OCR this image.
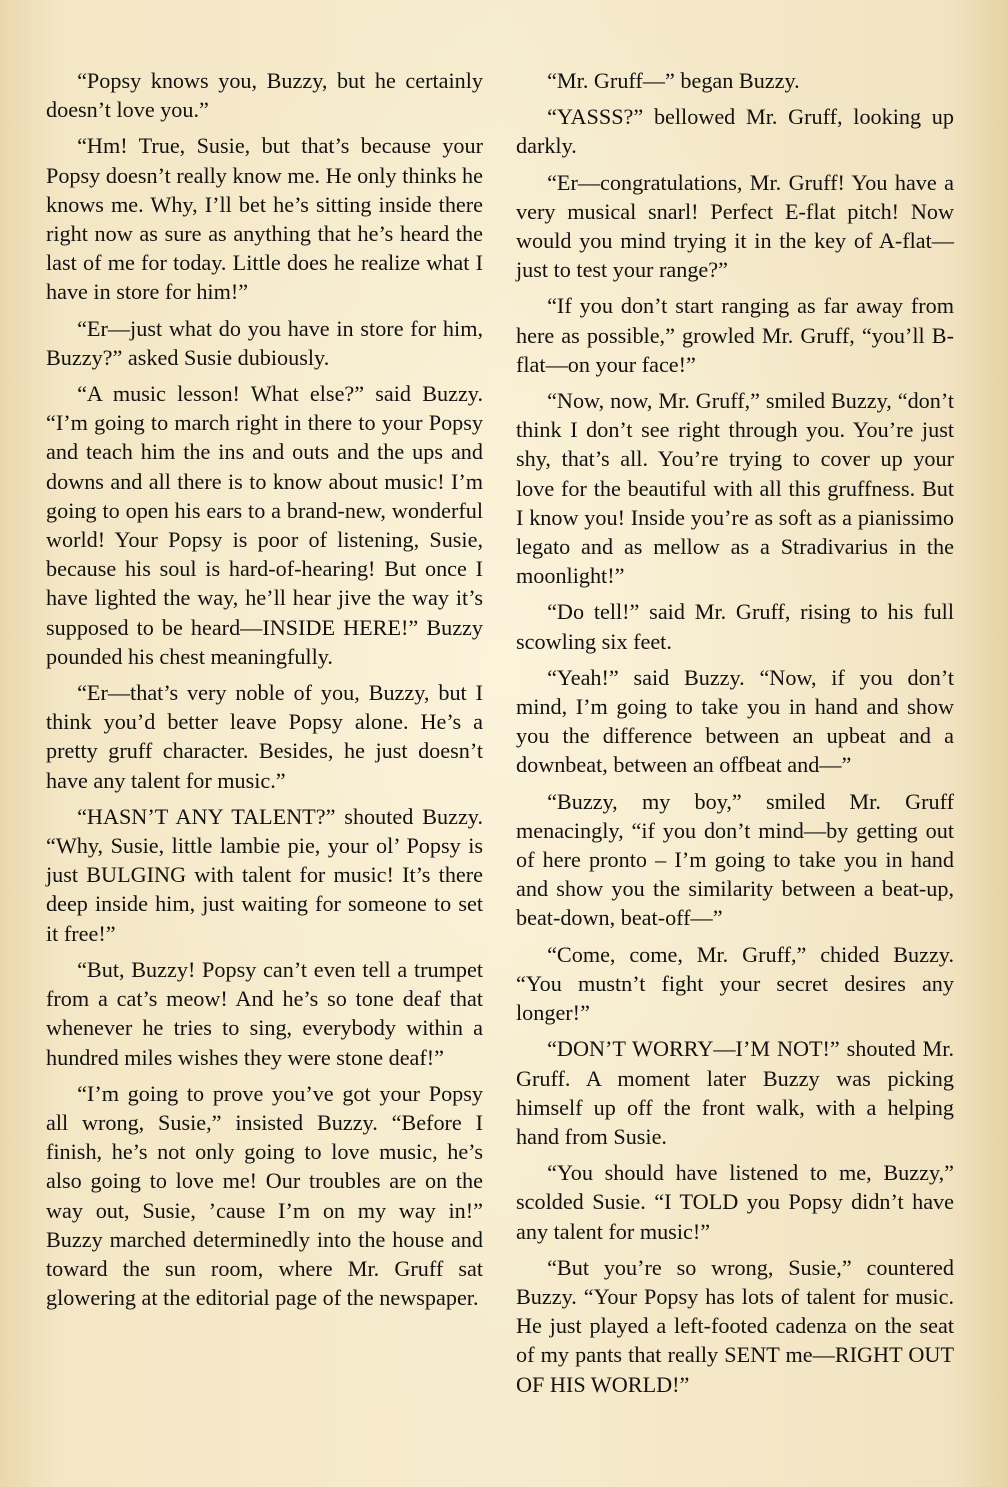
“Popsy knows you, Buzzy, but he certainly doesn’t love you.”

“Hm! True, Susie, but that’s because your Popsy doesn’t really know me. He only thinks he knows me. Why, I’ll bet he’s sitting inside there right now as sure as anything that he’s heard the last of me for today. Little does he realize what I have in store for him!”

“Er—just what do you have in store for him, Buzzy?” asked Susie dubiously.

“A music lesson! What else?” said Buzzy. “I’m going to march right in there to your Popsy and teach him the ins and outs and the ups and downs and all there is to know about music! I’m going to open his ears to a brand-new, wonderful world! Your Popsy is poor of listening, Susie, because his soul is hard-of-hearing! But once I have lighted the way, he’ll hear jive the way it’s supposed to be heard—INSIDE HERE!” Buzzy pounded his chest meaningfully.

“Er—that’s very noble of you, Buzzy, but I think you’d better leave Popsy alone. He’s a pretty gruff character. Besides, he just doesn’t have any talent for music.”

“HASN’T ANY TALENT?” shouted Buzzy. “Why, Susie, little lambie pie, your ol’ Popsy is just BULGING with talent for music! It’s there deep inside him, just waiting for someone to set it free!”

“But, Buzzy! Popsy can’t even tell a trumpet from a cat’s meow! And he’s so tone deaf that whenever he tries to sing, everybody within a hundred miles wishes they were stone deaf!”

“I’m going to prove you’ve got your Popsy all wrong, Susie,” insisted Buzzy. “Before I finish, he’s not only going to love music, he’s also going to love me! Our troubles are on the way out, Susie, ’cause I’m on my way in!” Buzzy marched determinedly into the house and toward the sun room, where Mr. Gruff sat glowering at the editorial page of the newspaper.

“Mr. Gruff—” began Buzzy.

“YASSS?” bellowed Mr. Gruff, looking up darkly.

“Er—congratulations, Mr. Gruff! You have a very musical snarl! Perfect E-flat pitch! Now would you mind trying it in the key of A-flat—just to test your range?”

“If you don’t start ranging as far away from here as possible,” growled Mr. Gruff, “you’ll B-flat—on your face!”

“Now, now, Mr. Gruff,” smiled Buzzy, “don’t think I don’t see right through you. You’re just shy, that’s all. You’re trying to cover up your love for the beautiful with all this gruffness. But I know you! Inside you’re as soft as a pianissimo legato and as mellow as a Stradivarius in the moonlight!”

“Do tell!” said Mr. Gruff, rising to his full scowling six feet.

“Yeah!” said Buzzy. “Now, if you don’t mind, I’m going to take you in hand and show you the difference between an upbeat and a downbeat, between an offbeat and—”

“Buzzy, my boy,” smiled Mr. Gruff menacingly, “if you don’t mind—by getting out of here pronto – I’m going to take you in hand and show you the similarity between a beat-up, beat-down, beat-off—”

“Come, come, Mr. Gruff,” chided Buzzy. “You mustn’t fight your secret desires any longer!”

“DON’T WORRY—I’M NOT!” shouted Mr. Gruff. A moment later Buzzy was picking himself up off the front walk, with a helping hand from Susie.

“You should have listened to me, Buzzy,” scolded Susie. “I TOLD you Popsy didn’t have any talent for music!”

“But you’re so wrong, Susie,” countered Buzzy. “Your Popsy has lots of talent for music. He just played a left-footed cadenza on the seat of my pants that really SENT me—RIGHT OUT OF HIS WORLD!”
